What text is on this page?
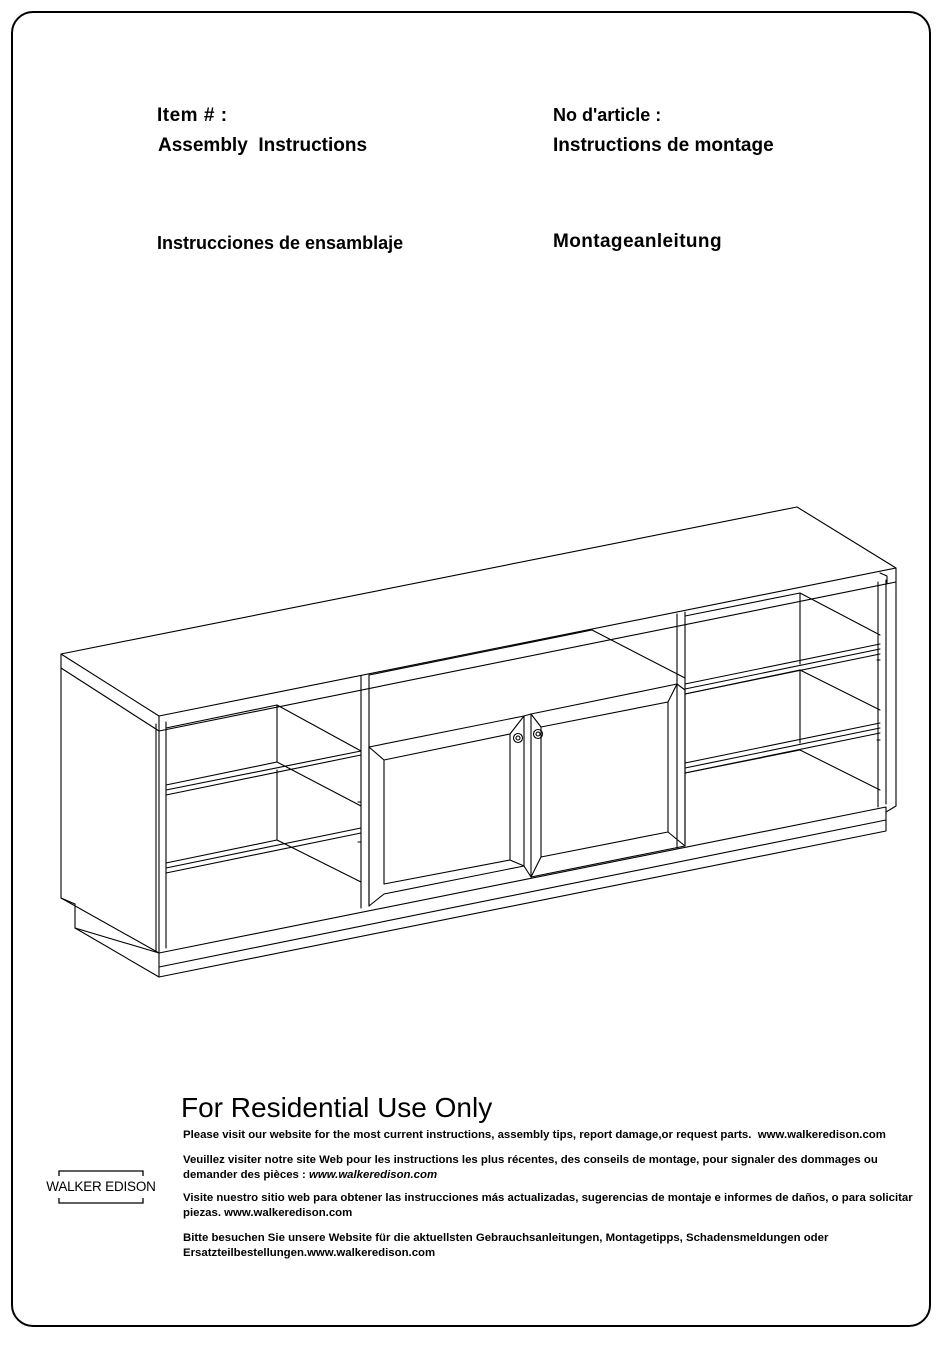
Item # :
Assembly  Instructions
No d'article :
Instructions de montage
Instrucciones de ensamblaje	Montageanleitung
For Residential Use Only
Please visit our website for the most current instructions, assembly tips, report damage,or request parts. www.walkeredison.com
Veuillez visiter notre site Web pour les instructions les plus récentes, des conseils de montage, pour signaler des dommages ou demander des pièces : www.walkeredison.com
Visite nuestro sitio web para obtener las instrucciones más actualizadas, sugerencias de montaje e informes de daños, o para solicitar piezas. www.walkeredison.com
Bitte besuchen Sie unsere Website für die aktuellsten Gebrauchsanleitungen, Montagetipps, Schadensmeldungen oder Ersatzteilbestellungen.www.walkeredison.com
WALKER EDISON
